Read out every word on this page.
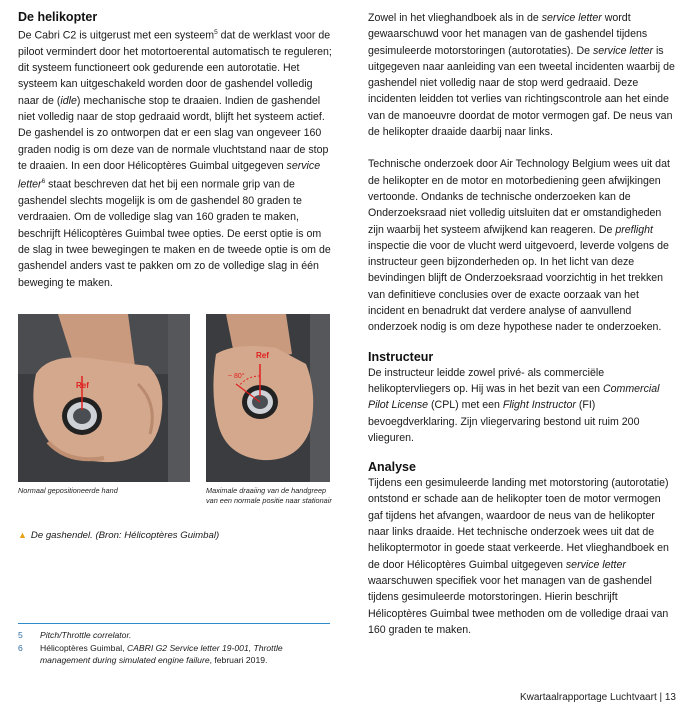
De helikopter

De Cabri C2 is uitgerust met een systeem$^5$ dat de werklast voor de piloot vermindert door het motortoerental automatisch te reguleren; dit systeem functioneert ook gedurende een autorotatie. Het systeem kan uitgeschakeld worden door de gashendel volledig naar de (idle) mechanische stop te draaien. Indien de gashendel niet volledig naar de stop gedraaid wordt, blijft het systeem actief. De gashendel is zo ontworpen dat er een slag van ongeveer 160 graden nodig is om deze van de normale vluchtstand naar de stop te draaien. In een door Hélicoptères Guimbal uitgegeven service letter$^6$ staat beschreven dat het bij een normale grip van de gashendel slechts mogelijk is om de gashendel 80 graden te verdraaien. Om de volledige slag van 160 graden te maken, beschrijft Hélicoptères Guimbal twee opties. De eerst optie is om de slag in twee bewegingen te maken en de tweede optie is om de gashendel anders vast te pakken om zo de volledige slag in één beweging te maken.

Ref
Ref
~ 80°
Normaal gepositioneerde hand	Maximale draaiing van de handgreep van een normale positie naar stationair
▲ De gashendel. (Bron: Hélicoptères Guimbal)
5 Pitch/Throttle correlator.
6 Hélicoptères Guimbal, CABRI G2 Service letter 19-001, Throttle management during simulated engine failure, februari 2019.

Zowel in het vlieghandboek als in de service letter wordt gewaarschuwd voor het managen van de gashendel tijdens gesimuleerde motorstoringen (autorotaties). De service letter is uitgegeven naar aanleiding van een tweetal incidenten waarbij de gashendel niet volledig naar de stop werd gedraaid. Deze incidenten leidden tot verlies van richtingscontrole aan het einde van de manoeuvre doordat de motor vermogen gaf. De neus van de helikopter draaide daarbij naar links.

Technische onderzoek door Air Technology Belgium wees uit dat de helikopter en de motor en motorbediening geen afwijkingen vertoonde. Ondanks de technische onderzoeken kan de Onderzoeksraad niet volledig uitsluiten dat er omstandigheden zijn waarbij het systeem afwijkend kan reageren. De preflight inspectie die voor de vlucht werd uitgevoerd, leverde volgens de instructeur geen bijzonderheden op. In het licht van deze bevindingen blijft de Onderzoeksraad voorzichtig in het trekken van definitieve conclusies over de exacte oorzaak van het incident en benadrukt dat verdere analyse of aanvullend onderzoek nodig is om deze hypothese nader te onderzoeken.

Instructeur

De instructeur leidde zowel privé- als commerciële helikoptervliegers op. Hij was in het bezit van een Commercial Pilot License (CPL) met een Flight Instructor (FI) bevoegdverklaring. Zijn vliegervaring bestond uit ruim 200 vlieguren.

Analyse

Tijdens een gesimuleerde landing met motorstoring (autorotatie) ontstond er schade aan de helikopter toen de motor vermogen gaf tijdens het afvangen, waardoor de neus van de helikopter naar links draaide. Het technische onderzoek wees uit dat de helikoptermotor in goede staat verkeerde. Het vlieghandboek en de door Hélicoptères Guimbal uitgegeven service letter waarschuwen specifiek voor het managen van de gashendel tijdens gesimuleerde motorstoringen. Hierin beschrijft Hélicoptères Guimbal twee methoden om de volledige draai van 160 graden te maken.

Kwartaalrapportage Luchtvaart | 13
